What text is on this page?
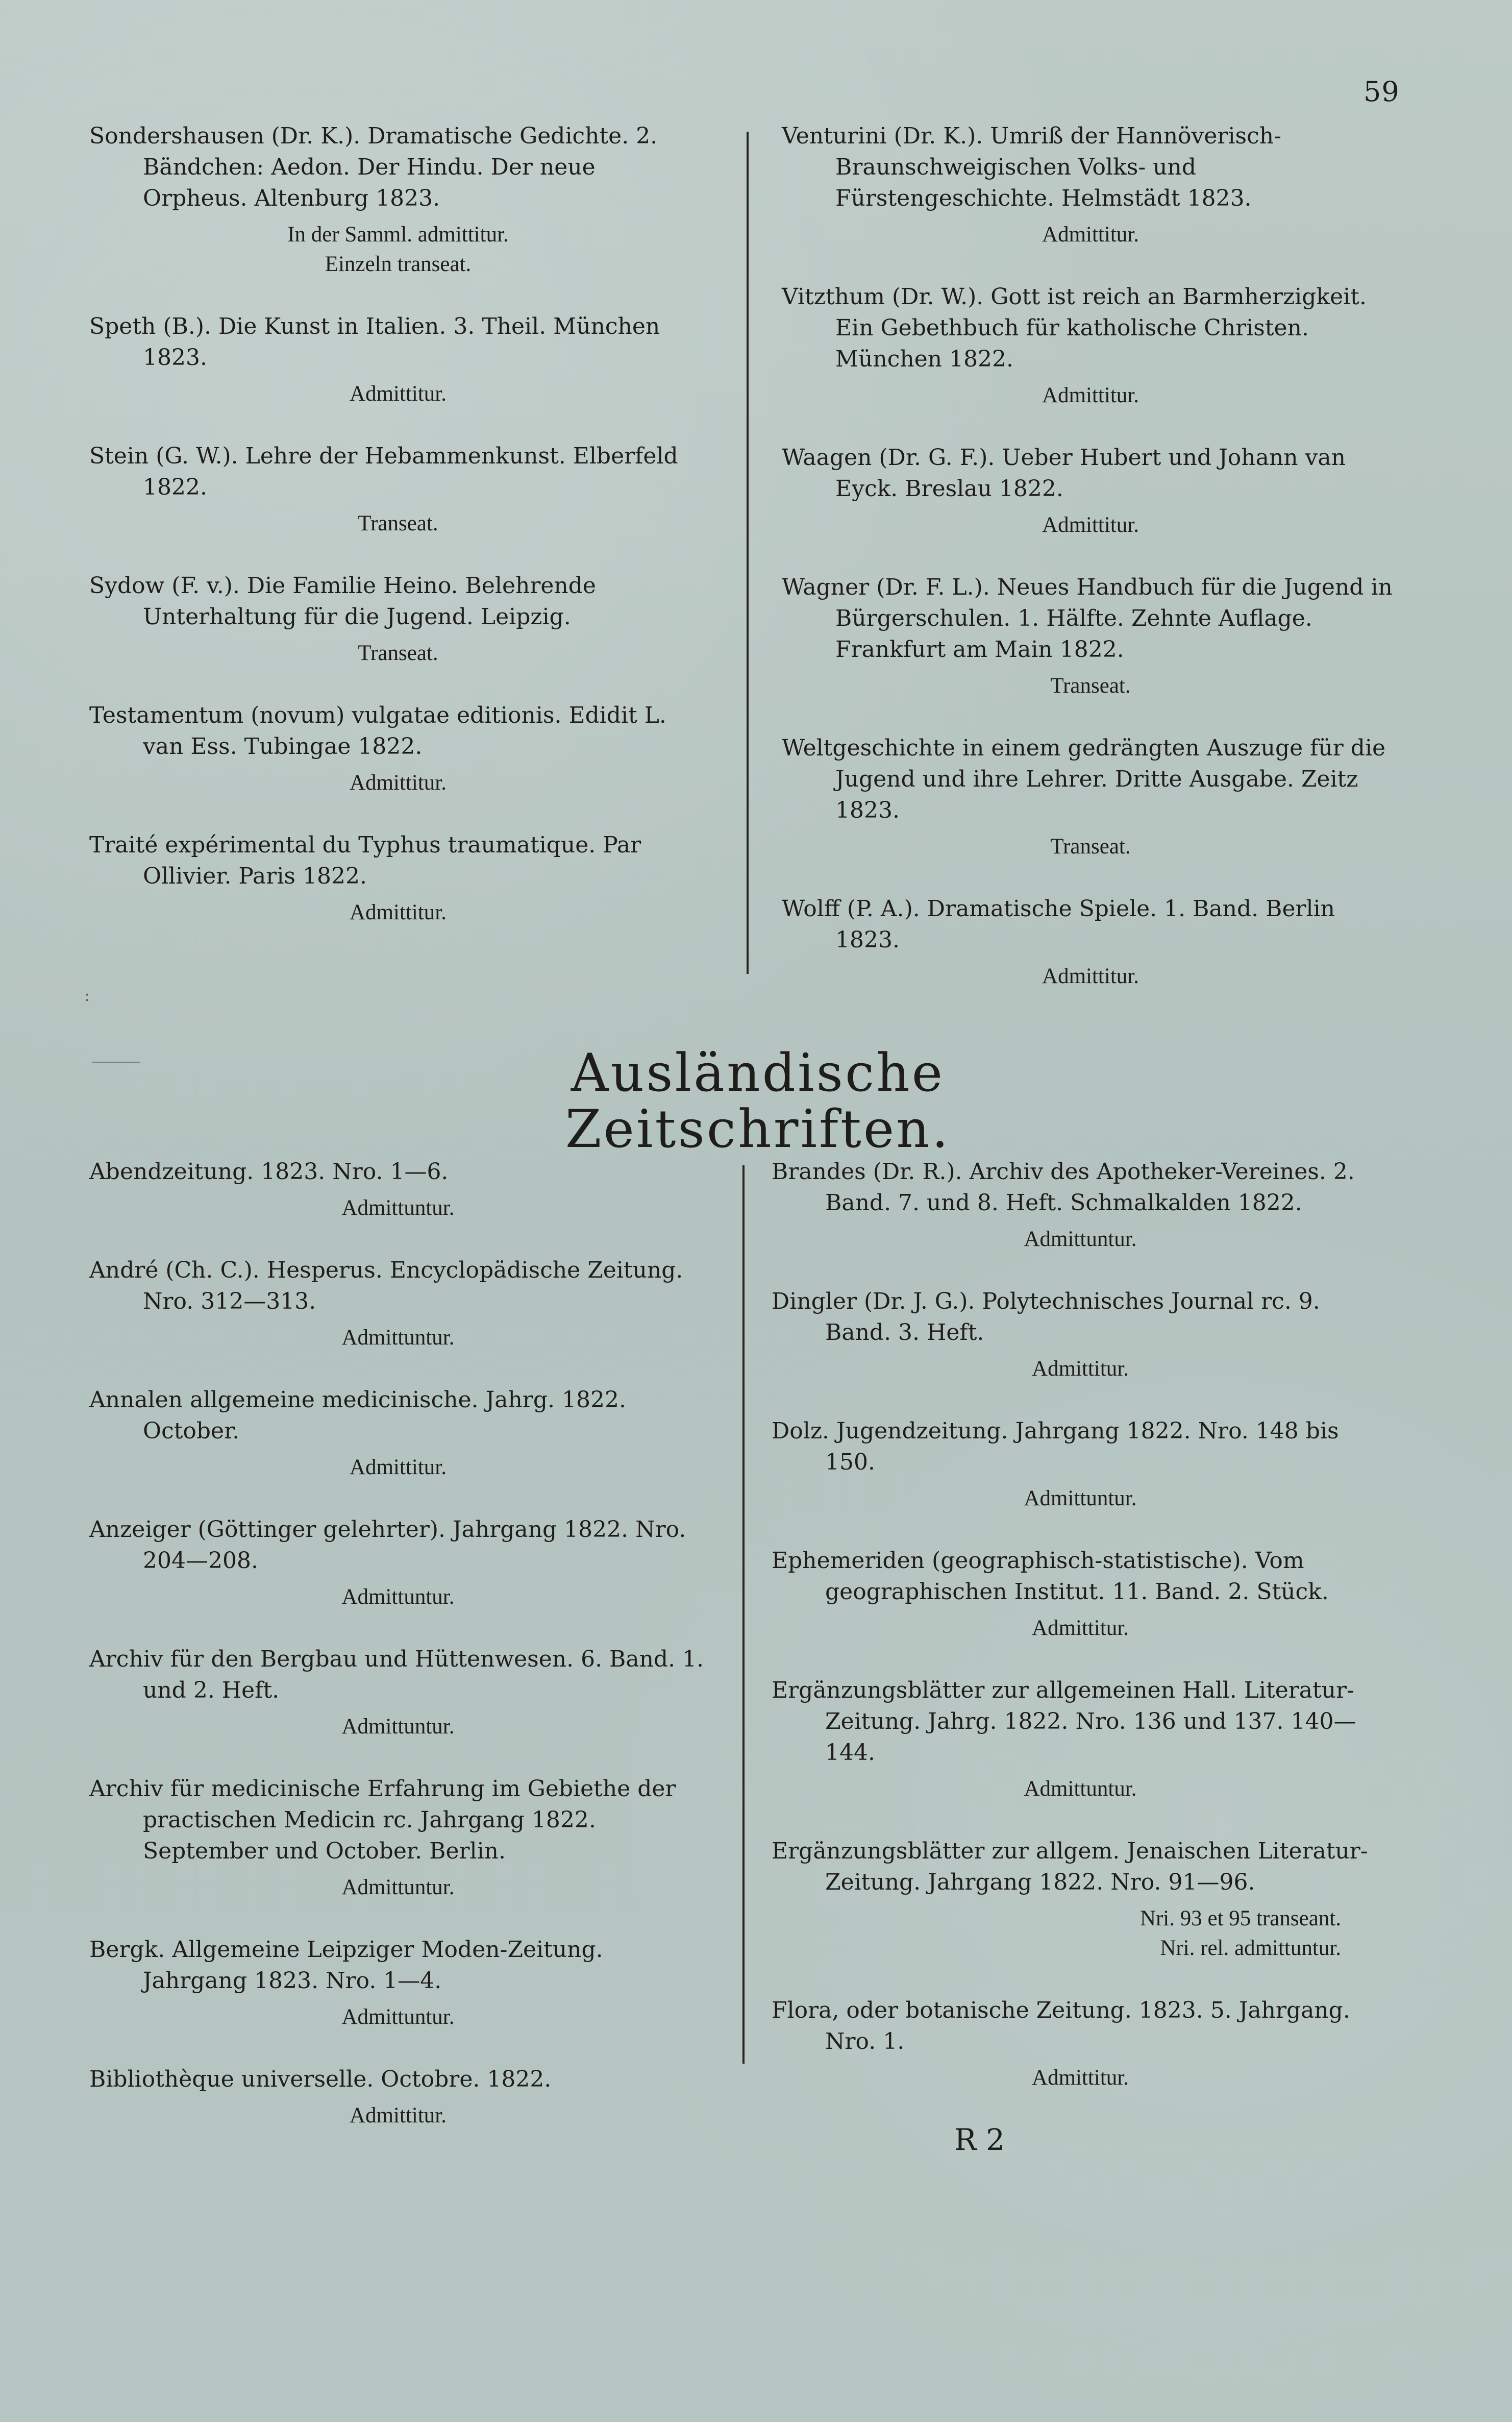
59
Sondershausen (Dr. K.). Dramatische Gedichte. 2. Bändchen: Aedon. Der Hindu. Der neue Orpheus. Altenburg 1823.
In der Samml. admittitur.
Einzeln transeat.
Speth (B.). Die Kunst in Italien. 3. Theil. München 1823.
Admittitur.
Stein (G. W.). Lehre der Hebammenkunst. Elberfeld 1822.
Transeat.
Sydow (F. v.). Die Familie Heino. Belehrende Unterhaltung für die Jugend. Leipzig.
Transeat.
Testamentum (novum) vulgatae editionis. Edidit L. van Ess. Tubingae 1822.
Admittitur.
Traité expérimental du Typhus traumatique. Par Ollivier. Paris 1822.
Admittitur.
Venturini (Dr. K.). Umriß der Hannöverisch-Braunschweigischen Volks- und Fürstengeschichte. Helmstädt 1823.
Admittitur.
Vitzthum (Dr. W.). Gott ist reich an Barmherzigkeit. Ein Gebethbuch für katholische Christen. München 1822.
Admittitur.
Waagen (Dr. G. F.). Ueber Hubert und Johann van Eyck. Breslau 1822.
Admittitur.
Wagner (Dr. F. L.). Neues Handbuch für die Jugend in Bürgerschulen. 1. Hälfte. Zehnte Auflage. Frankfurt am Main 1822.
Transeat.
Weltgeschichte in einem gedrängten Auszuge für die Jugend und ihre Lehrer. Dritte Ausgabe. Zeitz 1823.
Transeat.
Wolff (P. A.). Dramatische Spiele. 1. Band. Berlin 1823.
Admittitur.
:
Ausländische Zeitschriften.
Abendzeitung. 1823. Nro. 1—6.
Admittuntur.
André (Ch. C.). Hesperus. Encyclopädische Zeitung. Nro. 312—313.
Admittuntur.
Annalen allgemeine medicinische. Jahrg. 1822. October.
Admittitur.
Anzeiger (Göttinger gelehrter). Jahrgang 1822. Nro. 204—208.
Admittuntur.
Archiv für den Bergbau und Hüttenwesen. 6. Band. 1. und 2. Heft.
Admittuntur.
Archiv für medicinische Erfahrung im Gebiethe der practischen Medicin rc. Jahrgang 1822. September und October. Berlin.
Admittuntur.
Bergk. Allgemeine Leipziger Moden-Zeitung. Jahrgang 1823. Nro. 1—4.
Admittuntur.
Bibliothèque universelle. Octobre. 1822.
Admittitur.
Brandes (Dr. R.). Archiv des Apotheker-Vereines. 2. Band. 7. und 8. Heft. Schmalkalden 1822.
Admittuntur.
Dingler (Dr. J. G.). Polytechnisches Journal rc. 9. Band. 3. Heft.
Admittitur.
Dolz. Jugendzeitung. Jahrgang 1822. Nro. 148 bis 150.
Admittuntur.
Ephemeriden (geographisch-statistische). Vom geographischen Institut. 11. Band. 2. Stück.
Admittitur.
Ergänzungsblätter zur allgemeinen Hall. Literatur-Zeitung. Jahrg. 1822. Nro. 136 und 137. 140—144.
Admittuntur.
Ergänzungsblätter zur allgem. Jenaischen Literatur-Zeitung. Jahrgang 1822. Nro. 91—96.
Nri. 93 et 95 transeant.
Nri. rel. admittuntur.
Flora, oder botanische Zeitung. 1823. 5. Jahrgang. Nro. 1.
Admittitur.
R 2
